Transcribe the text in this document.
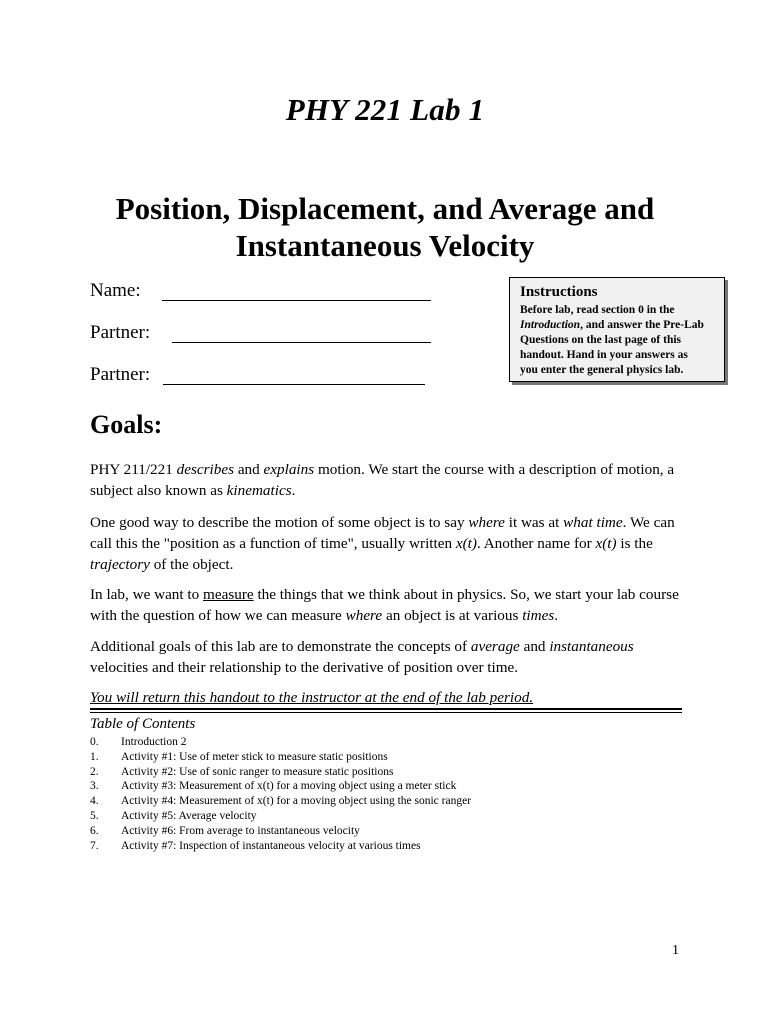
PHY 221 Lab 1
Position, Displacement, and Average and
Instantaneous Velocity
Name:
Partner:
Partner:
Instructions
Before lab, read section 0 in the
Introduction, and answer the Pre-Lab
Questions on the last page of this
handout. Hand in your answers as
you enter the general physics lab.
Goals:
PHY 211/221 describes and explains motion. We start the course with a description of motion, a subject also known as kinematics.
One good way to describe the motion of some object is to say where it was at what time. We can call this the "position as a function of time", usually written x(t). Another name for x(t) is the trajectory of the object.
In lab, we want to measure the things that we think about in physics. So, we start your lab course with the question of how we can measure where an object is at various times.
Additional goals of this lab are to demonstrate the concepts of average and instantaneous velocities and their relationship to the derivative of position over time.
You will return this handout to the instructor at the end of the lab period.
Table of Contents
0. Introduction 2
1. Activity #1: Use of meter stick to measure static positions
2. Activity #2: Use of sonic ranger to measure static positions
3. Activity #3: Measurement of x(t) for a moving object using a meter stick
4. Activity #4: Measurement of x(t) for a moving object using the sonic ranger
5. Activity #5: Average velocity
6. Activity #6: From average to instantaneous velocity
7. Activity #7: Inspection of instantaneous velocity at various times
1
